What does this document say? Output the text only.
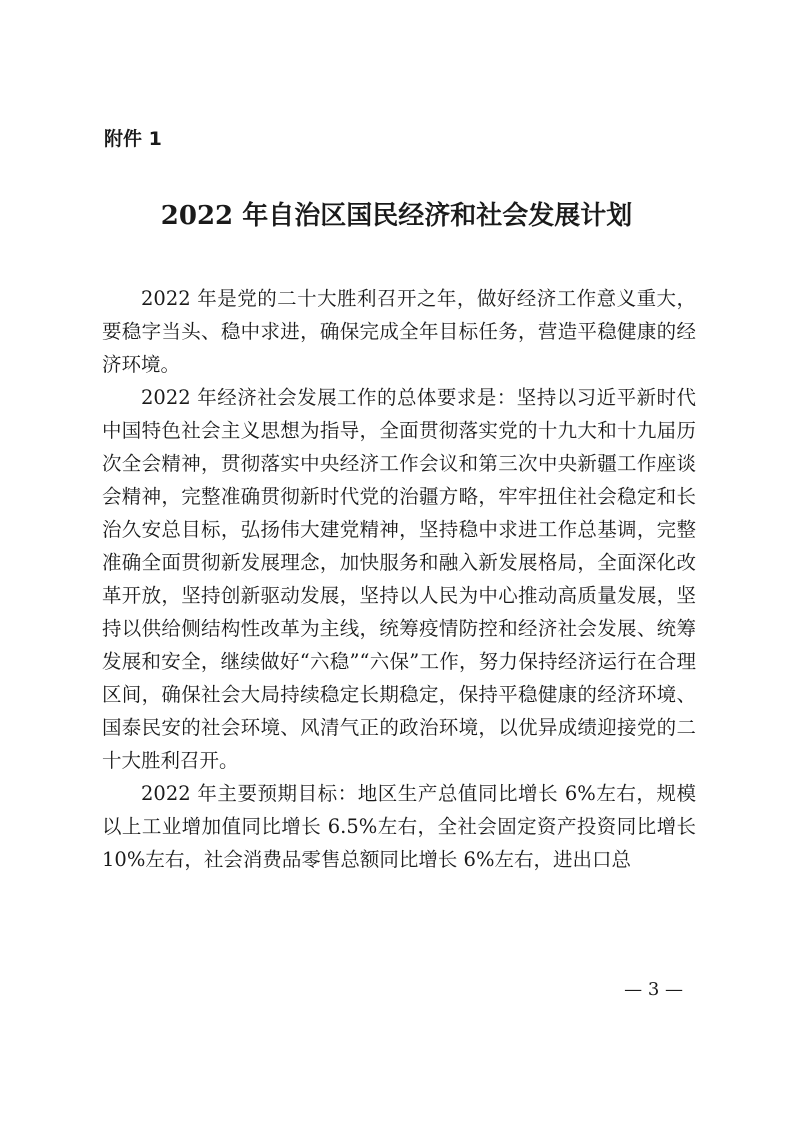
附件 1
2022 年自治区国民经济和社会发展计划

2022 年是党的二十大胜利召开之年，做好经济工作意义重大，要稳字当头、稳中求进，确保完成全年目标任务，营造平稳健康的经济环境。

2022 年经济社会发展工作的总体要求是：坚持以习近平新时代中国特色社会主义思想为指导，全面贯彻落实党的十九大和十九届历次全会精神，贯彻落实中央经济工作会议和第三次中央新疆工作座谈会精神，完整准确贯彻新时代党的治疆方略，牢牢扭住社会稳定和长治久安总目标，弘扬伟大建党精神，坚持稳中求进工作总基调，完整准确全面贯彻新发展理念，加快服务和融入新发展格局，全面深化改革开放，坚持创新驱动发展，坚持以人民为中心推动高质量发展，坚持以供给侧结构性改革为主线，统筹疫情防控和经济社会发展、统筹发展和安全，继续做好“六稳”“六保”工作，努力保持经济运行在合理区间，确保社会大局持续稳定长期稳定，保持平稳健康的经济环境、国泰民安的社会环境、风清气正的政治环境，以优异成绩迎接党的二十大胜利召开。

2022 年主要预期目标：地区生产总值同比增长 6%左右，规模以上工业增加值同比增长 6.5%左右，全社会固定资产投资同比增长 10%左右，社会消费品零售总额同比增长 6%左右，进出口总

— 3 —
